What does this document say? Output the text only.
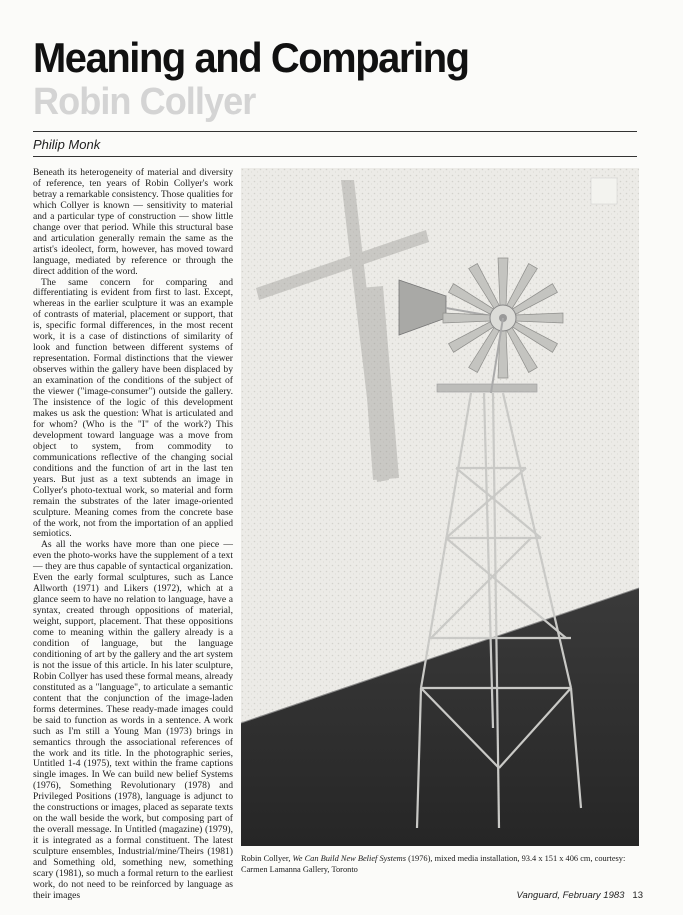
Meaning and Comparing
Robin Collyer
Philip Monk

Beneath its heterogeneity of material and diversity of reference, ten years of Robin Collyer's work betray a remarkable consistency. Those qualities for which Collyer is known — sensitivity to material and a particular type of construction — show little change over that period. While this structural base and articulation generally remain the same as the artist's ideolect, form, however, has moved toward language, mediated by reference or through the direct addition of the word.

The same concern for comparing and differentiating is evident from first to last. Except, whereas in the earlier sculpture it was an example of contrasts of material, placement or support, that is, specific formal differences, in the most recent work, it is a case of distinctions of similarity of look and function between different systems of representation. Formal distinctions that the viewer observes within the gallery have been displaced by an examination of the conditions of the subject of the viewer ("image-consumer") outside the gallery. The insistence of the logic of this development makes us ask the question: What is articulated and for whom? (Who is the "I" of the work?) This development toward language was a move from object to system, from commodity to communications reflective of the changing social conditions and the function of art in the last ten years. But just as a text subtends an image in Collyer's photo-textual work, so material and form remain the substrates of the later image-oriented sculpture. Meaning comes from the concrete base of the work, not from the importation of an applied semiotics.

As all the works have more than one piece — even the photo-works have the supplement of a text — they are thus capable of syntactical organization. Even the early formal sculptures, such as Lance Allworth (1971) and Likers (1972), which at a glance seem to have no relation to language, have a syntax, created through oppositions of material, weight, support, placement. That these oppositions come to meaning within the gallery already is a condition of language, but the language conditioning of art by the gallery and the art system is not the issue of this article. In his later sculpture, Robin Collyer has used these formal means, already constituted as a "language", to articulate a semantic content that the conjunction of the image-laden forms determines. These ready-made images could be said to function as words in a sentence. A work such as I'm still a Young Man (1973) brings in semantics through the associational references of the work and its title. In the photographic series, Untitled 1-4 (1975), text within the frame captions single images. In We can build new belief Systems (1976), Something Revolutionary (1978) and Privileged Positions (1978), language is adjunct to the constructions or images, placed as separate texts on the wall beside the work, but composing part of the overall message. In Untitled (magazine) (1979), it is integrated as a formal constituent. The latest sculpture ensembles, Industrial/mine/Theirs (1981) and Something old, something new, something scary (1981), so much a formal return to the earliest work, do not need to be reinforced by language as their images

Robin Collyer, We Can Build New Belief Systems (1976), mixed media installation, 93.4 x 151 x 406 cm, courtesy: Carmen Lamanna Gallery, Toronto
Vanguard, February 1983 13
